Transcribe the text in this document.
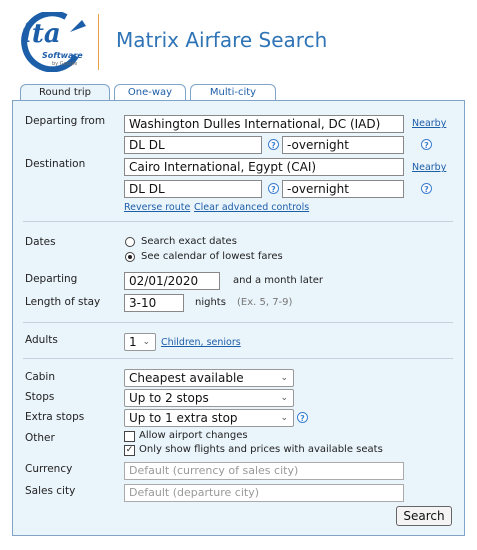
ita
Software
by Google
Matrix Airfare Search
Round trip	One-way	Multi-city
Departing from	Washington Dulles International, DC (IAD)	Nearby
DL DL	? -overnight	?
Destination	Cairo International, Egypt (CAI)	Nearby
DL DL	? -overnight	?
Reverse route Clear advanced controls
Dates	Search exact dates
See calendar of lowest fares
Departing	02/01/2020	and a month later
Length of stay	3-10	nights (Ex. 5, 7-9)
Adults	1 ⌄ Children, seniors
Cabin	Cheapest available	⌄
Stops	Up to 2 stops	⌄
Extra stops	Up to 1 extra stop	⌄	?
Other	Allow airport changes
✓ Only show flights and prices with available seats
Currency	Default (currency of sales city)
Sales city	Default (departure city)
Search
